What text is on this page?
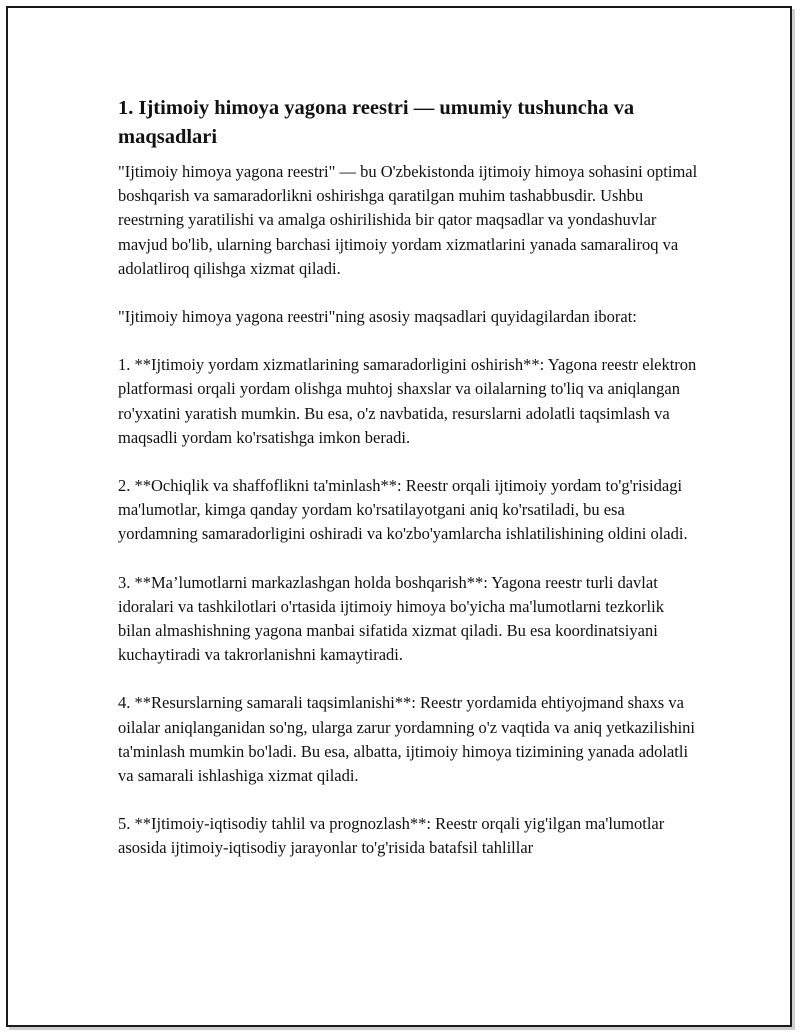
1. Ijtimoiy himoya yagona reestri — umumiy tushuncha va maqsadlari

"Ijtimoiy himoya yagona reestri" — bu O'zbekistonda ijtimoiy himoya sohasini optimal boshqarish va samaradorlikni oshirishga qaratilgan muhim tashabbusdir. Ushbu reestrning yaratilishi va amalga oshirilishida bir qator maqsadlar va yondashuvlar mavjud bo'lib, ularning barchasi ijtimoiy yordam xizmatlarini yanada samaraliroq va adolatliroq qilishga xizmat qiladi.

"Ijtimoiy himoya yagona reestri"ning asosiy maqsadlari quyidagilardan iborat:

1. **Ijtimoiy yordam xizmatlarining samaradorligini oshirish**: Yagona reestr elektron platformasi orqali yordam olishga muhtoj shaxslar va oilalarning to'liq va aniqlangan ro'yxatini yaratish mumkin. Bu esa, o'z navbatida, resurslarni adolatli taqsimlash va maqsadli yordam ko'rsatishga imkon beradi.

2. **Ochiqlik va shaffoflikni ta'minlash**: Reestr orqali ijtimoiy yordam to'g'risidagi ma'lumotlar, kimga qanday yordam ko'rsatilayotgani aniq ko'rsatiladi, bu esa yordamning samaradorligini oshiradi va ko'zbo'yamlarcha ishlatilishining oldini oladi.

3. **Ma’lumotlarni markazlashgan holda boshqarish**: Yagona reestr turli davlat idoralari va tashkilotlari o'rtasida ijtimoiy himoya bo'yicha ma'lumotlarni tezkorlik bilan almashishning yagona manbai sifatida xizmat qiladi. Bu esa koordinatsiyani kuchaytiradi va takrorlanishni kamaytiradi.

4. **Resurslarning samarali taqsimlanishi**: Reestr yordamida ehtiyojmand shaxs va oilalar aniqlanganidan so'ng, ularga zarur yordamning o'z vaqtida va aniq yetkazilishini ta'minlash mumkin bo'ladi. Bu esa, albatta, ijtimoiy himoya tizimining yanada adolatli va samarali ishlashiga xizmat qiladi.

5. **Ijtimoiy-iqtisodiy tahlil va prognozlash**: Reestr orqali yig'ilgan ma'lumotlar asosida ijtimoiy-iqtisodiy jarayonlar to'g'risida batafsil tahlillar
